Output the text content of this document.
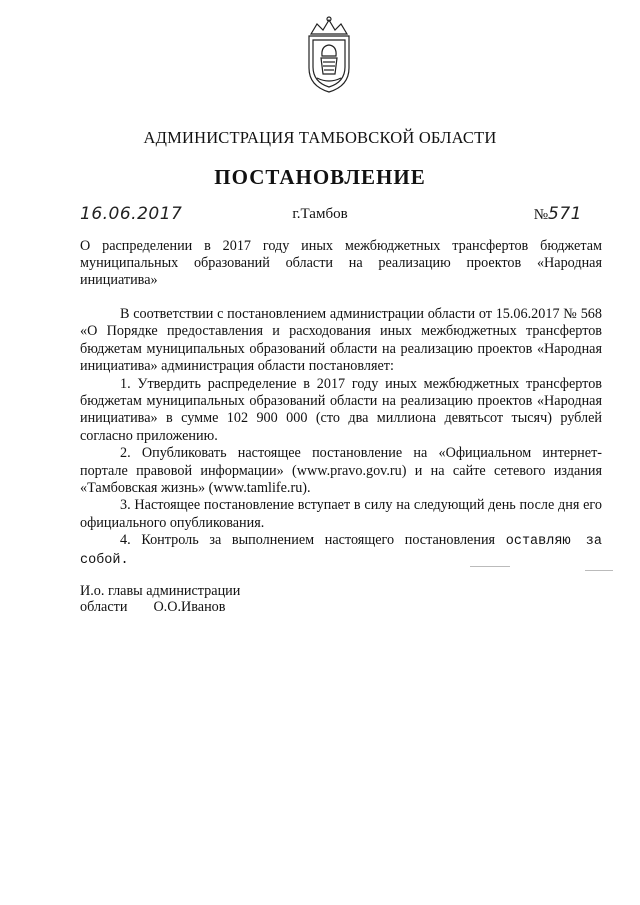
АДМИНИСТРАЦИЯ ТАМБОВСКОЙ ОБЛАСТИ
ПОСТАНОВЛЕНИЕ
16.06.2017	г.Тамбов	№571
О распределении в 2017 году иных межбюджетных трансфертов бюджетам муниципальных образований области на реализацию проектов «Народная инициатива»

В соответствии с постановлением администрации области от 15.06.2017 № 568 «О Порядке предоставления и расходования иных межбюджетных трансфертов бюджетам муниципальных образований области на реализацию проектов «Народная инициатива» администрация области постановляет:

1. Утвердить распределение в 2017 году иных межбюджетных трансфертов бюджетам муниципальных образований области на реализацию проектов «Народная инициатива» в сумме 102 900 000 (сто два миллиона девятьсот тысяч) рублей согласно приложению.

2. Опубликовать настоящее постановление на «Официальном интернет-портале правовой информации» (www.pravo.gov.ru) и на сайте сетевого издания «Тамбовская жизнь» (www.tamlife.ru).

3. Настоящее постановление вступает в силу на следующий день после дня его официального опубликования.

4. Контроль за выполнением настоящего постановления оставляю за собой.

И.о. главы администрации
области О.О.Иванов
